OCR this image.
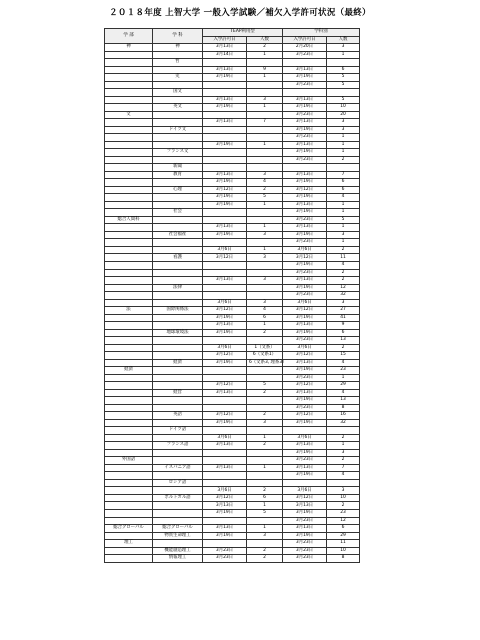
２０１８年度 上智大学 一般入学試験／補欠入学許可状況（最終）
学 部	学 科	TEAP利用型		学科別	
		入学許可日	人数	入学許可日	人数
神	神	3月13日	2	2月20日	3
		3月14日	1	3月23日	1
	哲				
		3月13日	9	3月13日	6
	史	3月19日	1	3月19日	5
				3月23日	5
	国文				
		3月13日	3	3月13日	5
	英文	3月19日	1	3月19日	10
文				3月23日	20
		3月13日	7	3月13日	3
	ドイツ文			3月19日	3
				3月23日	1
		3月19日	1	3月13日	1
	フランス文			3月19日	1
				3月23日	2
	新聞				
	教育	3月13日	3	3月13日	7
		3月19日	4	3月19日	6
	心理	3月12日	2	3月12日	6
		3月19日	5	3月19日	4
		3月19日	1	3月13日	1
	社会			3月19日	1
総合人間科				3月23日	5
		3月13日	1	3月13日	1
	社会福祉	3月19日	3	3月19日	3
				3月23日	1
		3月6日	1	3月6日	2
	看護	3月12日	3	3月12日	11
				3月19日	4
				3月23日	2
		3月13日	3	3月13日	2
	法律			3月19日	12
				3月23日	32
		3月6日	3	3月6日	3
法	国際関係法	3月12日	4	3月12日	27
		3月19日	6	3月19日	41
		3月13日	1	3月13日	9
	地球環境法	3月19日	2	3月19日	6
				3月23日	13
		3月6日	1（文系）	3月6日	2
		3月12日	6（文系1）	3月12日	15
	経済	3月19日	6（文系3, 理系3）	3月13日	4
経済				3月19日	23
				3月23日	1
		3月12日	5	3月12日	29
	経営	3月13日	2	3月13日	4
				3月19日	13
				3月23日	8
	英語	3月12日	2	3月12日	16
		3月19日	3	3月19日	32
	ドイツ語				
		3月6日	1	3月6日	2
	フランス語	3月13日	2	3月13日	1
				3月19日	3
外国語				3月23日	2
	イスパニア語	3月13日	1	3月13日	7
				3月19日	4
	ロシア語				
		3月6日	2	3月6日	3
	ポルトガル語	3月12日	6	3月12日	10
		3月13日	1	3月13日	2
		3月19日	5	3月19日	23
				3月23日	12
総合グローバル	総合グローバル	3月13日	1	3月13日	6
	物質生命理工	3月19日	3	3月19日	29
理工				3月23日	11
	機能創造理工	3月23日	2	3月23日	10
	情報理工	3月23日	2	3月23日	8
